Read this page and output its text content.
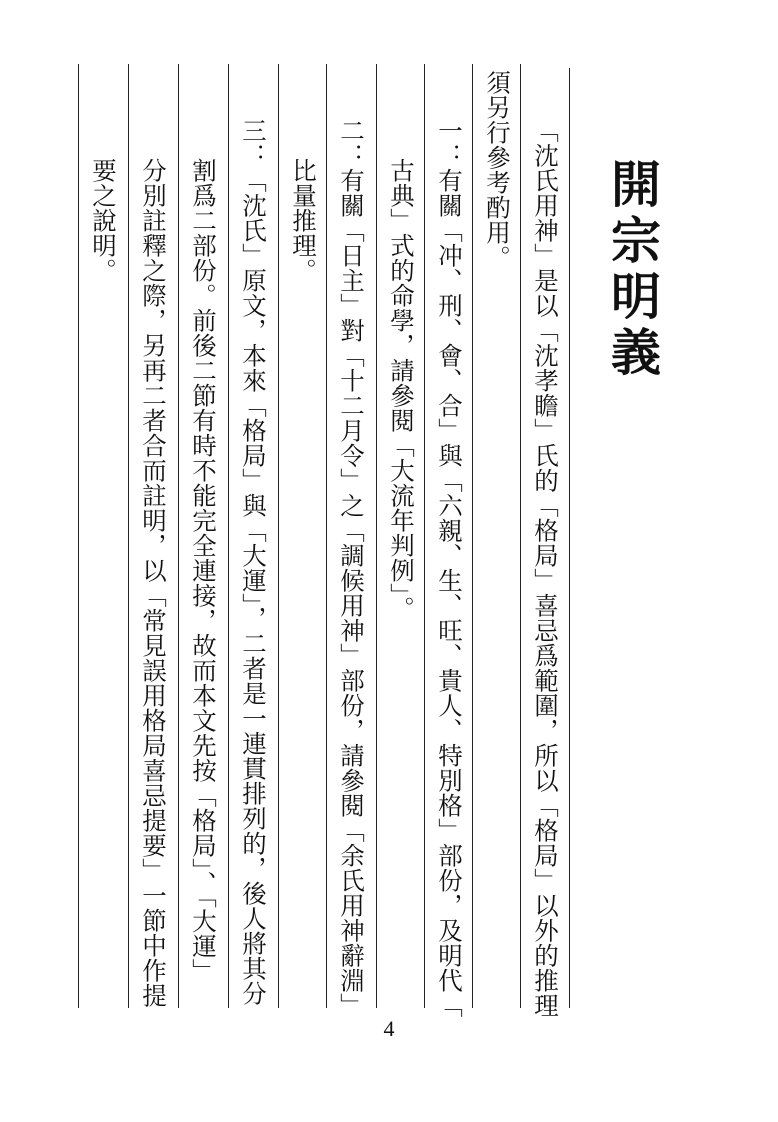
開宗明義
「沈氏用神」是以「沈孝瞻」氏的「格局」喜忌爲範圍，所以「格局」以外的推理
須另行參考酌用。
一：有關「冲、刑、會、合」與「六親、生、旺、貴人、特別格」部份，及明代「
古典」式的命學，請參閱「大流年判例」。
二：有關「日主」對「十二月令」之「調候用神」部份，請參閱「余氏用神辭淵」
比量推理。
三：「沈氏」原文，本來「格局」與「大運」，二者是一連貫排列的，後人將其分
割爲二部份。前後二節有時不能完全連接，故而本文先按「格局」、「大運」
分別註釋之際，另再二者合而註明，以「常見誤用格局喜忌提要」一節中作提
要之說明。
4
